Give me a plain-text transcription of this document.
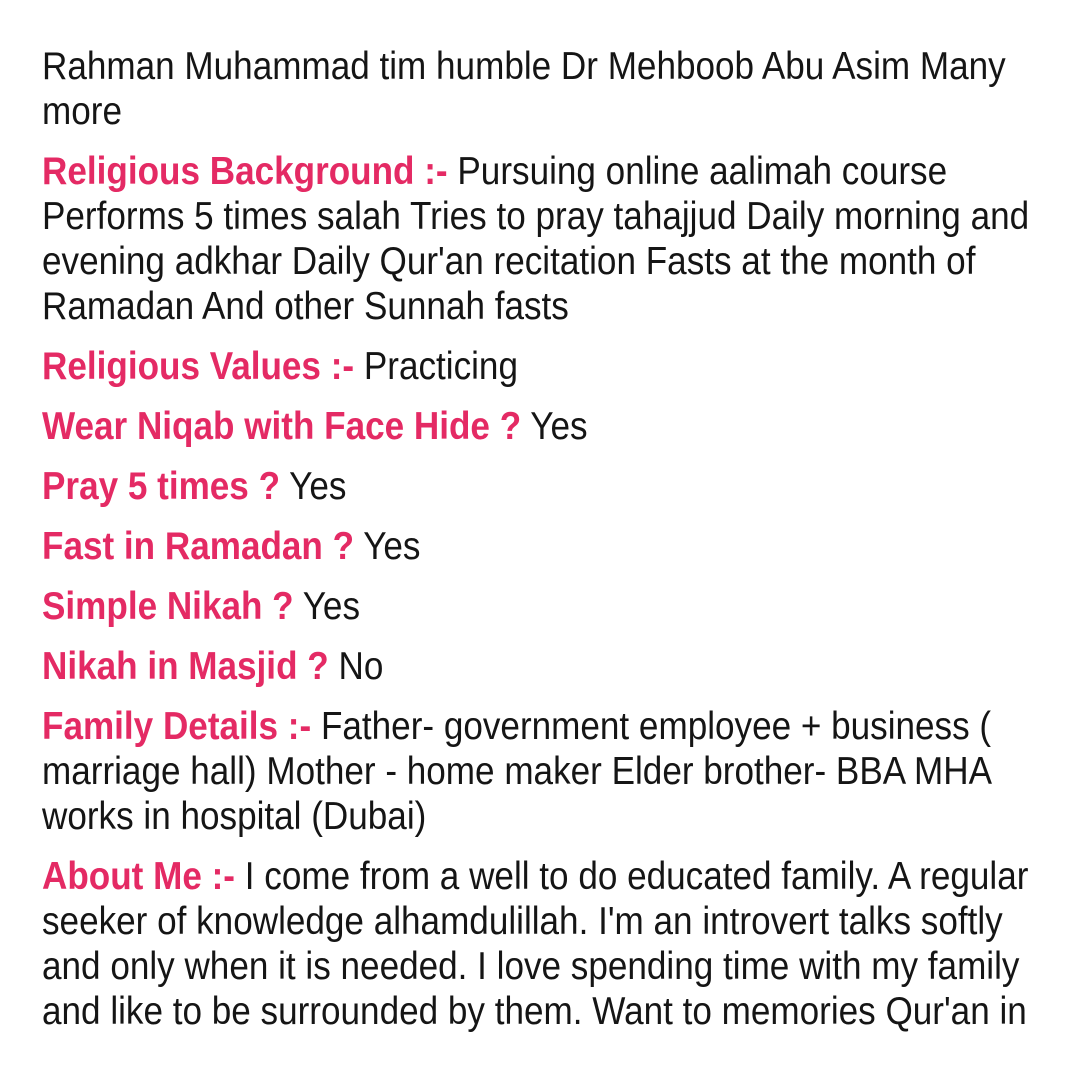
Rahman Muhammad tim humble Dr Mehboob Abu Asim Many more

Religious Background :- Pursuing online aalimah course Performs 5 times salah Tries to pray tahajjud Daily morning and evening adkhar Daily Qur'an recitation Fasts at the month of Ramadan And other Sunnah fasts

Religious Values :- Practicing

Wear Niqab with Face Hide ? Yes

Pray 5 times ? Yes

Fast in Ramadan ? Yes

Simple Nikah ? Yes

Nikah in Masjid ? No

Family Details :- Father- government employee + business ( marriage hall) Mother - home maker Elder brother- BBA MHA works in hospital (Dubai)

About Me :- I come from a well to do educated family. A regular seeker of knowledge alhamdulillah. I'm an introvert talks softly and only when it is needed. I love spending time with my family and like to be surrounded by them. Want to memories Qur'an in
